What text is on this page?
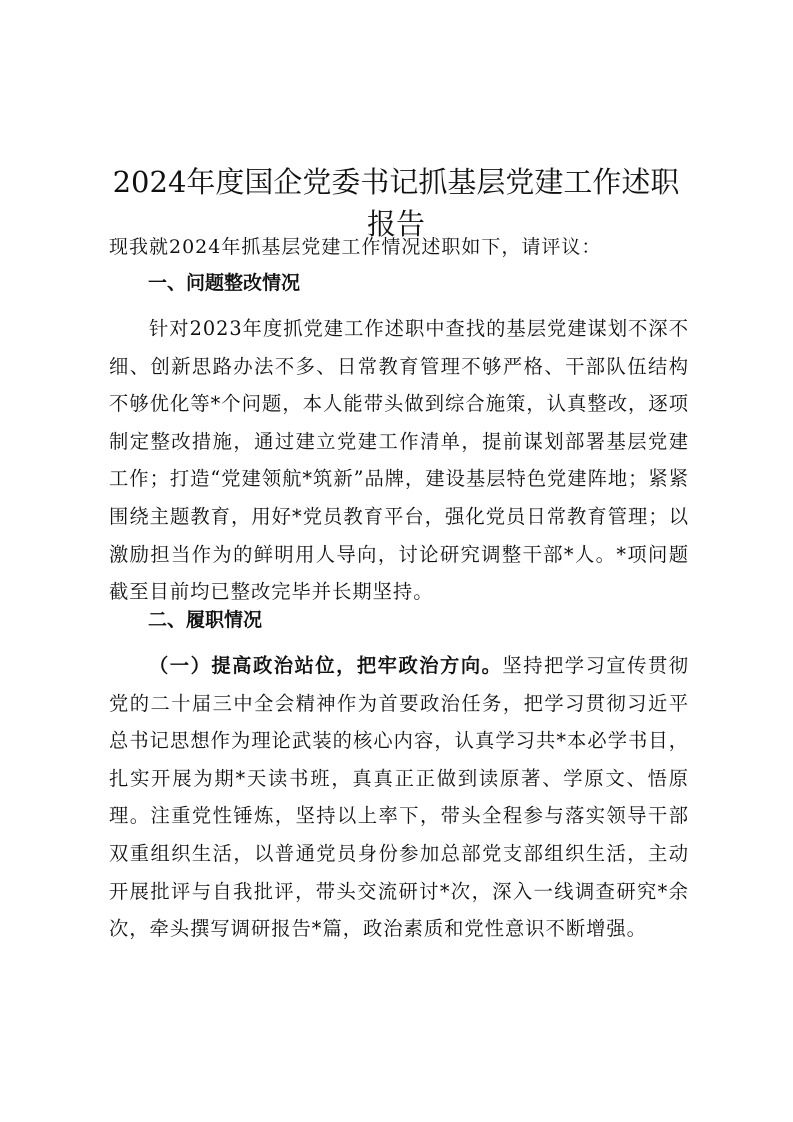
2024年度国企党委书记抓基层党建工作述职
报告
现我就2024年抓基层党建工作情况述职如下，请评议：
一、问题整改情况
针对2023年度抓党建工作述职中查找的基层党建谋划不深不细、创新思路办法不多、日常教育管理不够严格、干部队伍结构不够优化等*个问题，本人能带头做到综合施策，认真整改，逐项制定整改措施，通过建立党建工作清单，提前谋划部署基层党建工作；打造“党建领航*筑新”品牌，建设基层特色党建阵地；紧紧围绕主题教育，用好*党员教育平台，强化党员日常教育管理；以激励担当作为的鲜明用人导向，讨论研究调整干部*人。*项问题截至目前均已整改完毕并长期坚持。
二、履职情况
（一）提高政治站位，把牢政治方向。坚持把学习宣传贯彻党的二十届三中全会精神作为首要政治任务，把学习贯彻习近平总书记思想作为理论武装的核心内容，认真学习共*本必学书目，扎实开展为期*天读书班，真真正正做到读原著、学原文、悟原理。注重党性锤炼，坚持以上率下，带头全程参与落实领导干部双重组织生活，以普通党员身份参加总部党支部组织生活，主动开展批评与自我批评，带头交流研讨*次，深入一线调查研究*余次，牵头撰写调研报告*篇，政治素质和党性意识不断增强。
